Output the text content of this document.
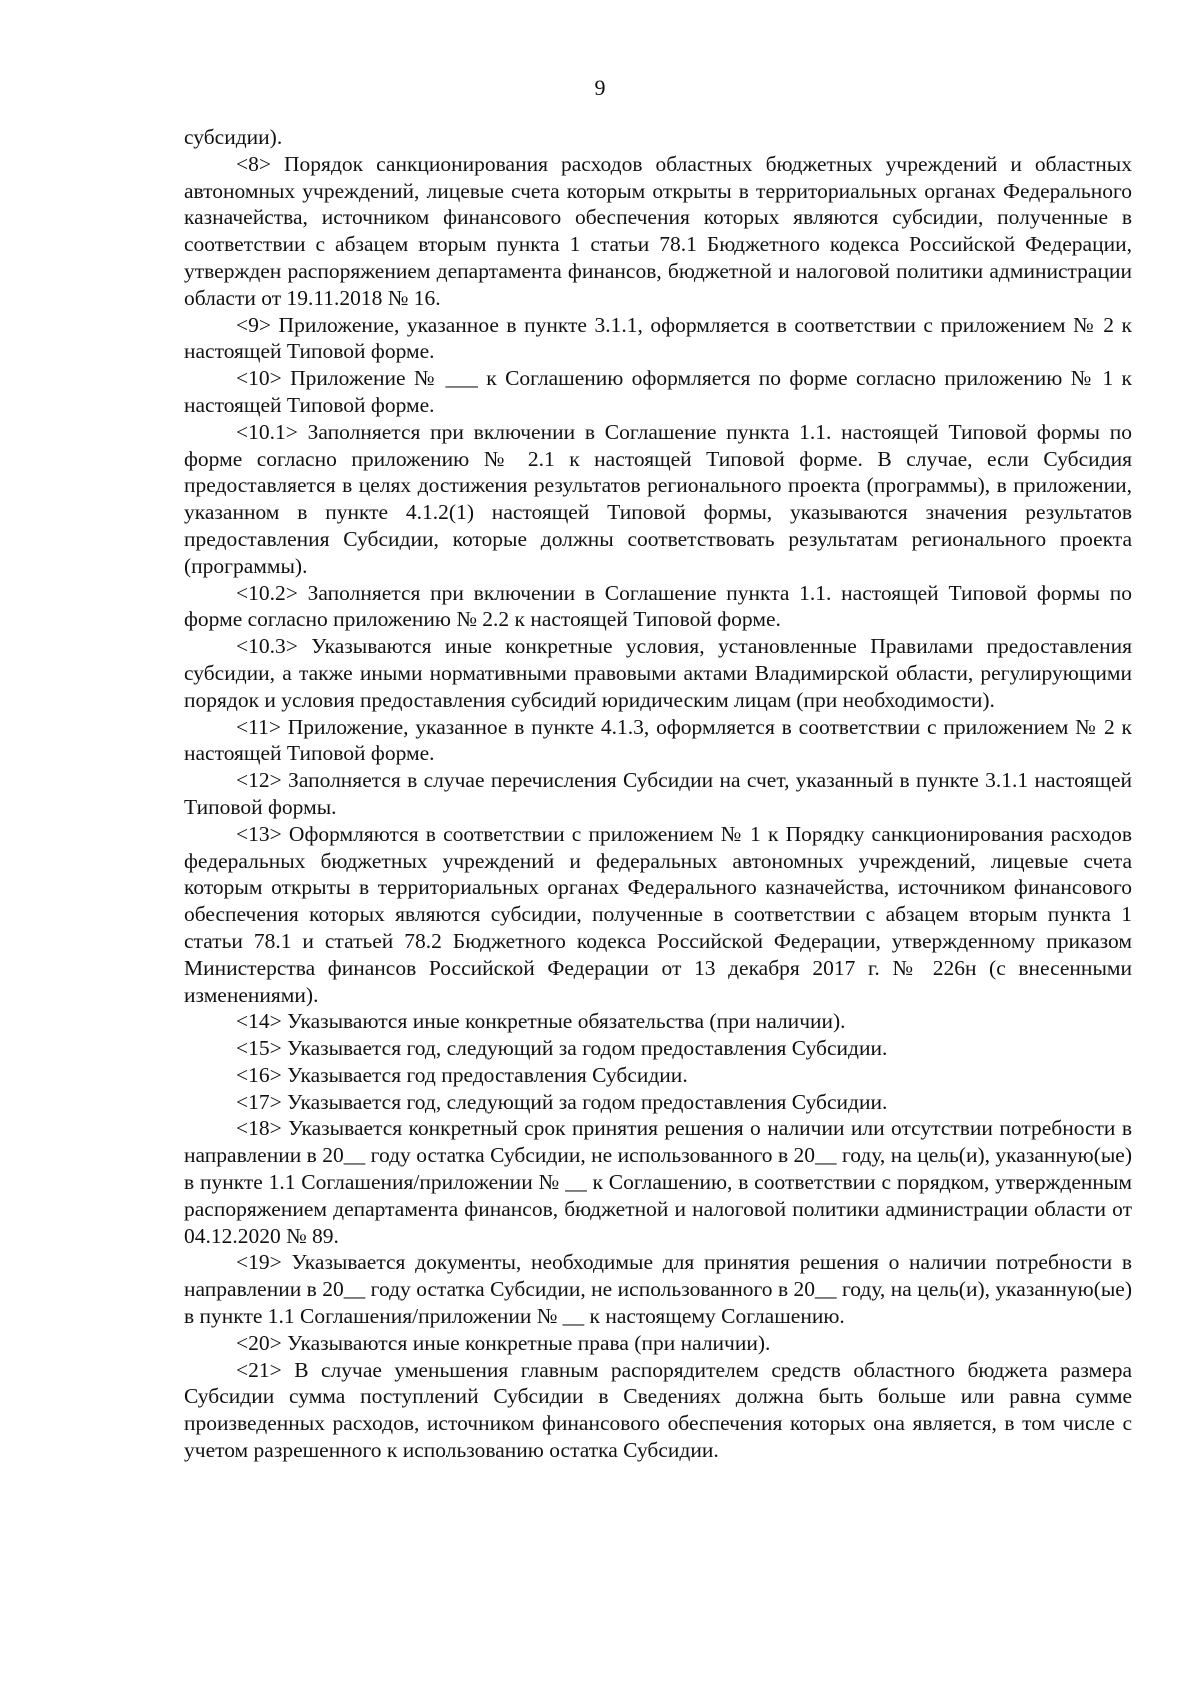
9

субсидии).

<8> Порядок санкционирования расходов областных бюджетных учреждений и областных автономных учреждений, лицевые счета которым открыты в территориальных органах Федерального казначейства, источником финансового обеспечения которых являются субсидии, полученные в соответствии с абзацем вторым пункта 1 статьи 78.1 Бюджетного кодекса Российской Федерации, утвержден распоряжением департамента финансов, бюджетной и налоговой политики администрации области от 19.11.2018 № 16.

<9> Приложение, указанное в пункте 3.1.1, оформляется в соответствии с приложением № 2 к настоящей Типовой форме.

<10> Приложение № ___ к Соглашению оформляется по форме согласно приложению № 1 к настоящей Типовой форме.

<10.1> Заполняется при включении в Соглашение пункта 1.1. настоящей Типовой формы по форме согласно приложению № 2.1 к настоящей Типовой форме. В случае, если Субсидия предоставляется в целях достижения результатов регионального проекта (программы), в приложении, указанном в пункте 4.1.2(1) настоящей Типовой формы, указываются значения результатов предоставления Субсидии, которые должны соответствовать результатам регионального проекта (программы).

<10.2> Заполняется при включении в Соглашение пункта 1.1. настоящей Типовой формы по форме согласно приложению № 2.2 к настоящей Типовой форме.

<10.3> Указываются иные конкретные условия, установленные Правилами предоставления субсидии, а также иными нормативными правовыми актами Владимирской области, регулирующими порядок и условия предоставления субсидий юридическим лицам (при необходимости).

<11> Приложение, указанное в пункте 4.1.3, оформляется в соответствии с приложением № 2 к настоящей Типовой форме.

<12> Заполняется в случае перечисления Субсидии на счет, указанный в пункте 3.1.1 настоящей Типовой формы.

<13> Оформляются в соответствии с приложением № 1 к Порядку санкционирования расходов федеральных бюджетных учреждений и федеральных автономных учреждений, лицевые счета которым открыты в территориальных органах Федерального казначейства, источником финансового обеспечения которых являются субсидии, полученные в соответствии с абзацем вторым пункта 1 статьи 78.1 и статьей 78.2 Бюджетного кодекса Российской Федерации, утвержденному приказом Министерства финансов Российской Федерации от 13 декабря 2017 г. № 226н (с внесенными изменениями).

<14> Указываются иные конкретные обязательства (при наличии).

<15> Указывается год, следующий за годом предоставления Субсидии.

<16> Указывается год предоставления Субсидии.

<17> Указывается год, следующий за годом предоставления Субсидии.

<18> Указывается конкретный срок принятия решения о наличии или отсутствии потребности в направлении в 20__ году остатка Субсидии, не использованного в 20__ году, на цель(и), указанную(ые) в пункте 1.1 Соглашения/приложении № __ к Соглашению, в соответствии с порядком, утвержденным распоряжением департамента финансов, бюджетной и налоговой политики администрации области от 04.12.2020 № 89.

<19> Указывается документы, необходимые для принятия решения о наличии потребности в направлении в 20__ году остатка Субсидии, не использованного в 20__ году, на цель(и), указанную(ые) в пункте 1.1 Соглашения/приложении № __ к настоящему Соглашению.

<20> Указываются иные конкретные права (при наличии).

<21> В случае уменьшения главным распорядителем средств областного бюджета размера Субсидии сумма поступлений Субсидии в Сведениях должна быть больше или равна сумме произведенных расходов, источником финансового обеспечения которых она является, в том числе с учетом разрешенного к использованию остатка Субсидии.
